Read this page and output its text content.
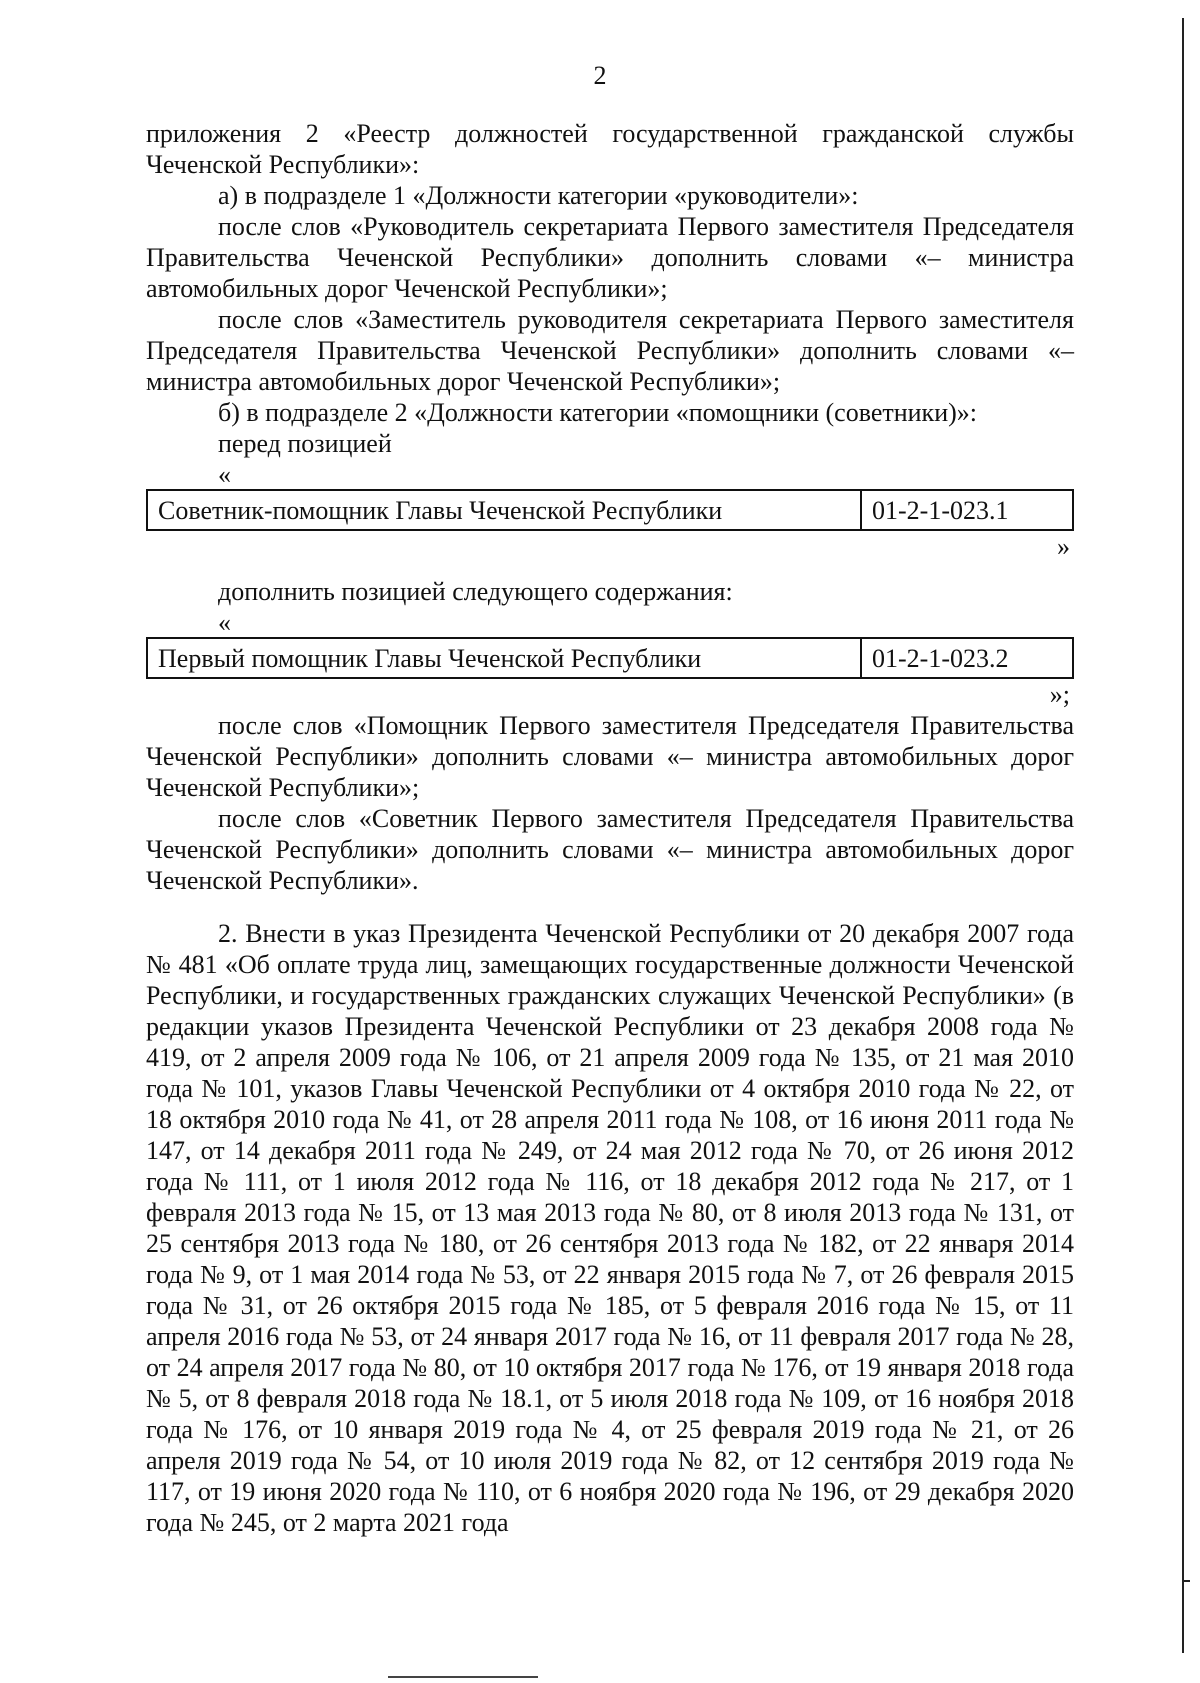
2

приложения 2 «Реестр должностей государственной гражданской службы

Чеченской Республики»:

а) в подразделе 1 «Должности категории «руководители»:

после слов «Руководитель секретариата Первого заместителя Председателя Правительства Чеченской Республики» дополнить словами «– министра автомобильных дорог Чеченской Республики»;

после слов «Заместитель руководителя секретариата Первого заместителя Председателя Правительства Чеченской Республики» дополнить словами «– министра автомобильных дорог Чеченской Республики»;

б) в подразделе 2 «Должности категории «помощники (советники)»:

перед позицией

«

Советник-помощник Главы Чеченской Республики	01-2-1-023.1

»

дополнить позицией следующего содержания:

«

Первый помощник Главы Чеченской Республики	01-2-1-023.2

»;

после слов «Помощник Первого заместителя Председателя Правительства Чеченской Республики» дополнить словами «– министра автомобильных дорог Чеченской Республики»;

после слов «Советник Первого заместителя Председателя Правительства Чеченской Республики» дополнить словами «– министра автомобильных дорог Чеченской Республики».

2. Внести в указ Президента Чеченской Республики от 20 декабря 2007 года № 481 «Об оплате труда лиц, замещающих государственные должности Чеченской Республики, и государственных гражданских служащих Чеченской Республики» (в редакции указов Президента Чеченской Республики от 23 декабря 2008 года № 419, от 2 апреля 2009 года № 106, от 21 апреля 2009 года № 135, от 21 мая 2010 года № 101, указов Главы Чеченской Республики от 4 октября 2010 года № 22, от 18 октября 2010 года № 41, от 28 апреля 2011 года № 108, от 16 июня 2011 года № 147, от 14 декабря 2011 года № 249, от 24 мая 2012 года № 70, от 26 июня 2012 года № 111, от 1 июля 2012 года № 116, от 18 декабря 2012 года № 217, от 1 февраля 2013 года № 15, от 13 мая 2013 года № 80, от 8 июля 2013 года № 131, от 25 сентября 2013 года № 180, от 26 сентября 2013 года № 182, от 22 января 2014 года № 9, от 1 мая 2014 года № 53, от 22 января 2015 года № 7, от 26 февраля 2015 года № 31, от 26 октября 2015 года № 185, от 5 февраля 2016 года № 15, от 11 апреля 2016 года № 53, от 24 января 2017 года № 16, от 11 февраля 2017 года № 28, от 24 апреля 2017 года № 80, от 10 октября 2017 года № 176, от 19 января 2018 года № 5, от 8 февраля 2018 года № 18.1, от 5 июля 2018 года № 109, от 16 ноября 2018 года № 176, от 10 января 2019 года № 4, от 25 февраля 2019 года № 21, от 26 апреля 2019 года № 54, от 10 июля 2019 года № 82, от 12 сентября 2019 года № 117, от 19 июня 2020 года № 110, от 6 ноября 2020 года № 196, от 29 декабря 2020 года № 245, от 2 марта 2021 года
